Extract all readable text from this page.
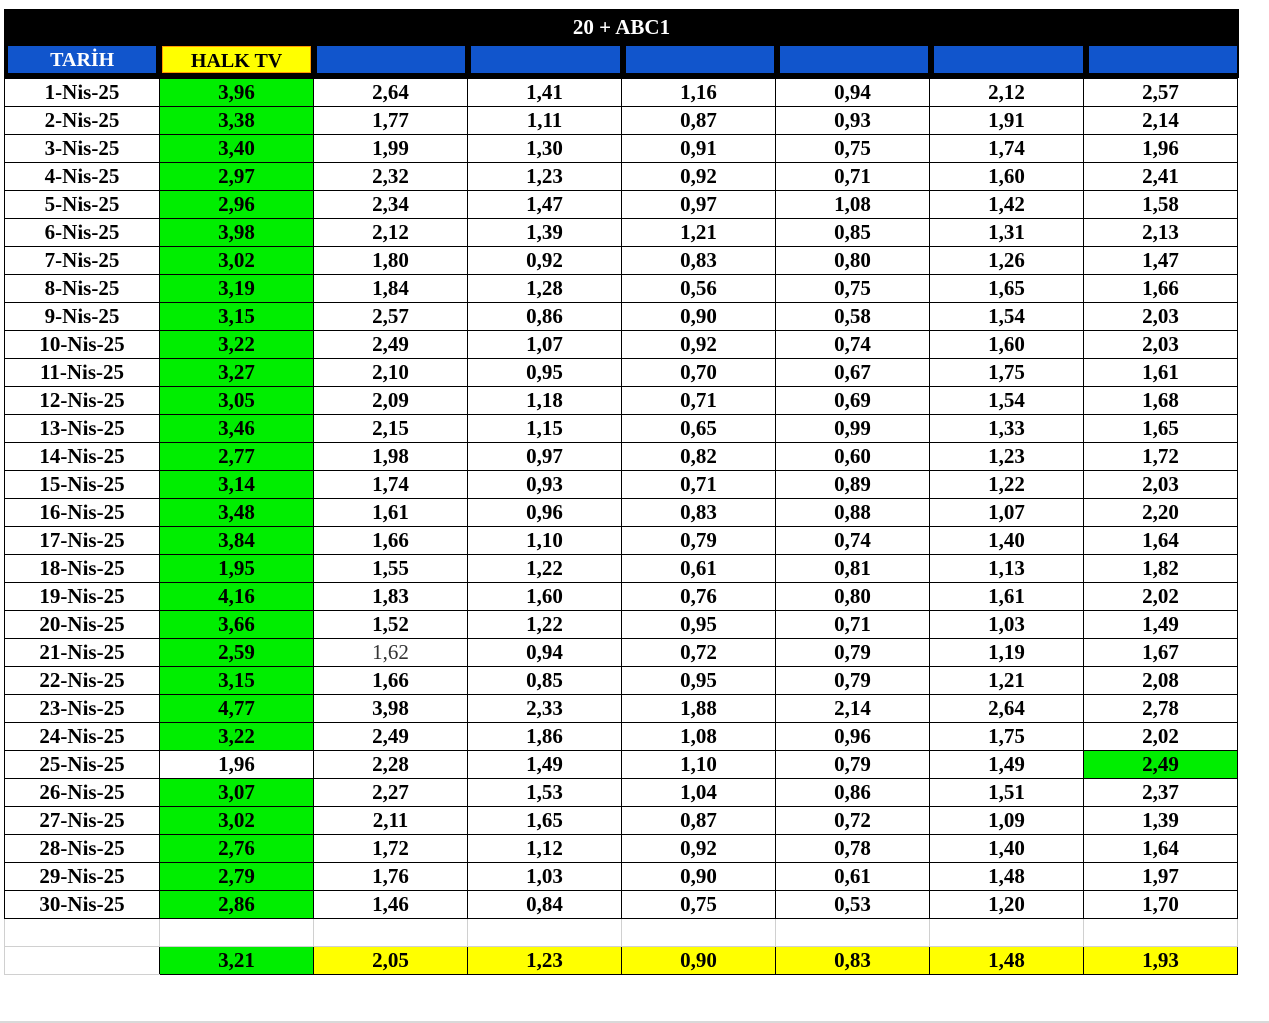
20 + ABC1
TARİH	HALK TV
1-Nis-25	3,96	2,64	1,41	1,16	0,94	2,12	2,57
2-Nis-25	3,38	1,77	1,11	0,87	0,93	1,91	2,14
3-Nis-25	3,40	1,99	1,30	0,91	0,75	1,74	1,96
4-Nis-25	2,97	2,32	1,23	0,92	0,71	1,60	2,41
5-Nis-25	2,96	2,34	1,47	0,97	1,08	1,42	1,58
6-Nis-25	3,98	2,12	1,39	1,21	0,85	1,31	2,13
7-Nis-25	3,02	1,80	0,92	0,83	0,80	1,26	1,47
8-Nis-25	3,19	1,84	1,28	0,56	0,75	1,65	1,66
9-Nis-25	3,15	2,57	0,86	0,90	0,58	1,54	2,03
10-Nis-25	3,22	2,49	1,07	0,92	0,74	1,60	2,03
11-Nis-25	3,27	2,10	0,95	0,70	0,67	1,75	1,61
12-Nis-25	3,05	2,09	1,18	0,71	0,69	1,54	1,68
13-Nis-25	3,46	2,15	1,15	0,65	0,99	1,33	1,65
14-Nis-25	2,77	1,98	0,97	0,82	0,60	1,23	1,72
15-Nis-25	3,14	1,74	0,93	0,71	0,89	1,22	2,03
16-Nis-25	3,48	1,61	0,96	0,83	0,88	1,07	2,20
17-Nis-25	3,84	1,66	1,10	0,79	0,74	1,40	1,64
18-Nis-25	1,95	1,55	1,22	0,61	0,81	1,13	1,82
19-Nis-25	4,16	1,83	1,60	0,76	0,80	1,61	2,02
20-Nis-25	3,66	1,52	1,22	0,95	0,71	1,03	1,49
21-Nis-25	2,59	1,62	0,94	0,72	0,79	1,19	1,67
22-Nis-25	3,15	1,66	0,85	0,95	0,79	1,21	2,08
23-Nis-25	4,77	3,98	2,33	1,88	2,14	2,64	2,78
24-Nis-25	3,22	2,49	1,86	1,08	0,96	1,75	2,02
25-Nis-25	1,96	2,28	1,49	1,10	0,79	1,49	2,49
26-Nis-25	3,07	2,27	1,53	1,04	0,86	1,51	2,37
27-Nis-25	3,02	2,11	1,65	0,87	0,72	1,09	1,39
28-Nis-25	2,76	1,72	1,12	0,92	0,78	1,40	1,64
29-Nis-25	2,79	1,76	1,03	0,90	0,61	1,48	1,97
30-Nis-25	2,86	1,46	0,84	0,75	0,53	1,20	1,70

	3,21	2,05	1,23	0,90	0,83	1,48	1,93
